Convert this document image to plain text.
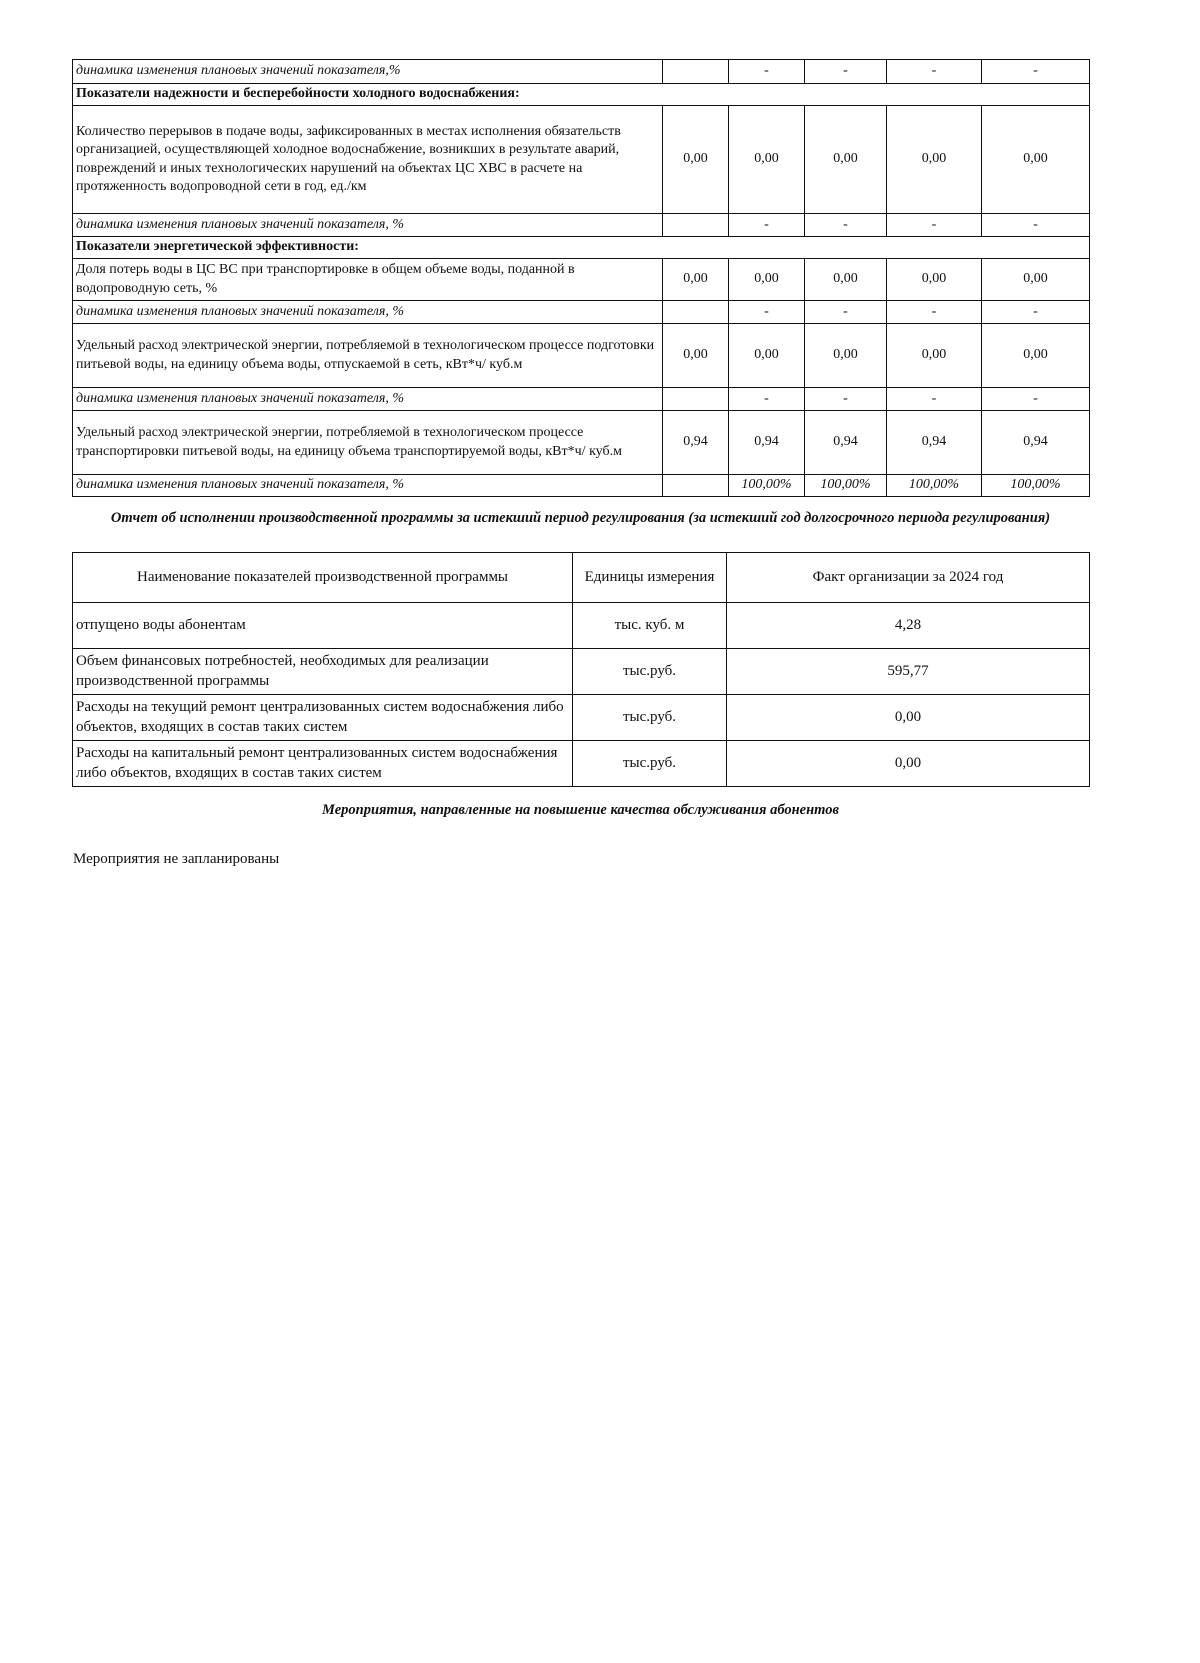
динамика изменения плановых значений показателя,%		-	-	-	-
Показатели надежности и бесперебойности холодного водоснабжения:					
Количество перерывов в подаче воды, зафиксированных в местах исполнения обязательств организацией, осуществляющей холодное водоснабжение, возникших в результате аварий, повреждений и иных технологических нарушений на объектах ЦС ХВС в расчете на протяженность водопроводной сети в год, ед./км	0,00	0,00	0,00	0,00	0,00
динамика изменения плановых значений показателя, %		-	-	-	-
Показатели энергетической эффективности:					
Доля потерь воды в ЦС ВС при транспортировке в общем объеме воды, поданной в водопроводную сеть, %	0,00	0,00	0,00	0,00	0,00
динамика изменения плановых значений показателя, %		-	-	-	-
Удельный расход электрической энергии, потребляемой в технологическом процессе подготовки питьевой воды, на единицу объема воды, отпускаемой в сеть, кВт*ч/ куб.м	0,00	0,00	0,00	0,00	0,00
динамика изменения плановых значений показателя, %		-	-	-	-
Удельный расход электрической энергии, потребляемой в технологическом процессе транспортировки питьевой воды, на единицу объема транспортируемой воды, кВт*ч/ куб.м	0,94	0,94	0,94	0,94	0,94
динамика изменения плановых значений показателя, %		100,00%	100,00%	100,00%	100,00%
Отчет об исполнении производственной программы за истекший период регулирования (за истекший год долгосрочного периода регулирования)
Наименование показателей производственной программы	Единицы измерения	Факт организации за 2024 год
отпущено воды абонентам	тыс. куб. м	4,28
Объем финансовых потребностей, необходимых для реализации производственной программы	тыс.руб.	595,77
Расходы на текущий ремонт централизованных систем водоснабжения либо объектов, входящих в состав таких систем	тыс.руб.	0,00
Расходы на капитальный ремонт централизованных систем водоснабжения либо объектов, входящих в состав таких систем	тыс.руб.	0,00
Мероприятия, направленные на повышение качества обслуживания абонентов
Мероприятия не запланированы
